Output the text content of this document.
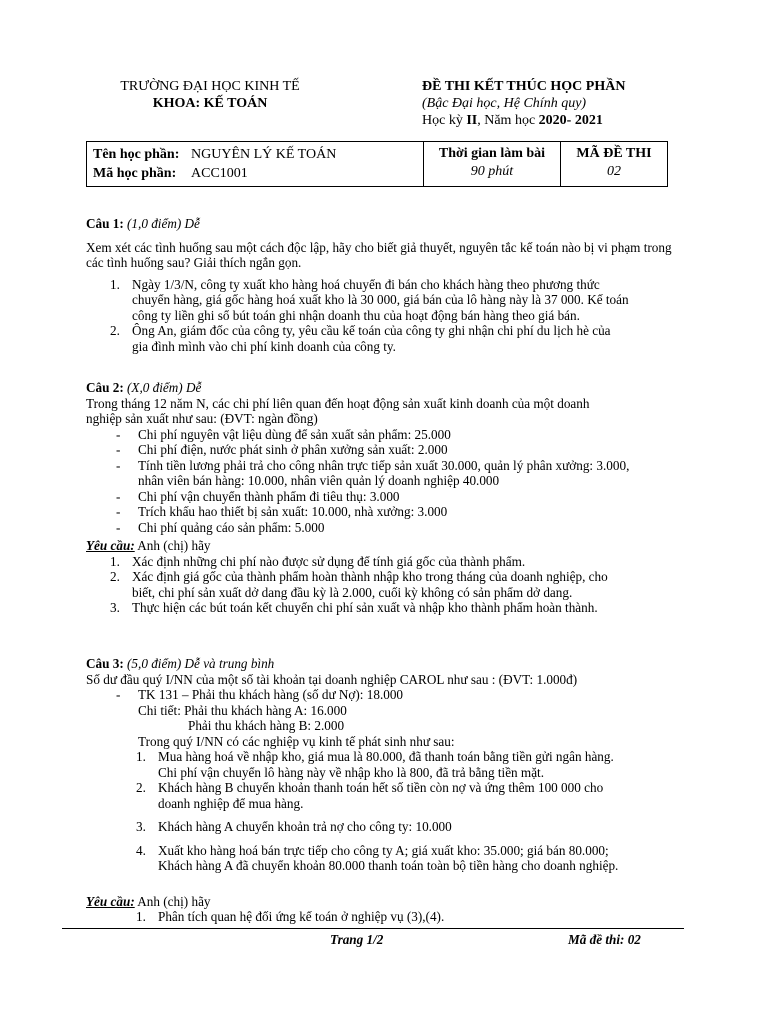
TRƯỜNG ĐẠI HỌC KINH TẾ
KHOA: KẾ TOÁN
ĐỀ THI KẾT THÚC HỌC PHẦN
(Bậc Đại học, Hệ Chính quy)
Học kỳ II, Năm học 2020- 2021
Tên học phần: NGUYÊN LÝ KẾ TOÁN
Mã học phần: ACC1001

Thời gian làm bài
90 phút

MÃ ĐỀ THI
02
Câu 1: (1,0 điểm) Dễ
Xem xét các tình huống sau một cách độc lập, hãy cho biết giả thuyết, nguyên tắc kế toán nào bị vi phạm trong các tình huống sau? Giải thích ngắn gọn.
1. Ngày 1/3/N, công ty xuất kho hàng hoá chuyển đi bán cho khách hàng theo phương thức
chuyển hàng, giá gốc hàng hoá xuất kho là 30 000, giá bán của lô hàng này là 37 000. Kế toán
công ty liền ghi sổ bút toán ghi nhận doanh thu của hoạt động bán hàng theo giá bán.
2. Ông An, giám đốc của công ty, yêu cầu kế toán của công ty ghi nhận chi phí du lịch hè của
gia đình mình vào chi phí kinh doanh của công ty.
Câu 2: (X,0 điểm) Dễ
Trong tháng 12 năm N, các chi phí liên quan đến hoạt động sản xuất kinh doanh của một doanh
nghiệp sản xuất như sau: (ĐVT: ngàn đồng)
- Chi phí nguyên vật liệu dùng để sản xuất sản phẩm: 25.000
- Chi phí điện, nước phát sinh ở phân xưởng sản xuất: 2.000
- Tính tiền lương phải trả cho công nhân trực tiếp sản xuất 30.000, quản lý phân xưởng: 3.000,
nhân viên bán hàng: 10.000, nhân viên quản lý doanh nghiệp 40.000
- Chi phí vận chuyển thành phẩm đi tiêu thụ: 3.000
- Trích khấu hao thiết bị sản xuất: 10.000, nhà xưởng: 3.000
- Chi phí quảng cáo sản phẩm: 5.000
Yêu cầu: Anh (chị) hãy
1. Xác định những chi phí nào được sử dụng để tính giá gốc của thành phẩm.
2. Xác định giá gốc của thành phẩm hoàn thành nhập kho trong tháng của doanh nghiệp, cho
biết, chi phí sản xuất dở dang đầu kỳ là 2.000, cuối kỳ không có sản phẩm dở dang.
3. Thực hiện các bút toán kết chuyển chi phí sản xuất và nhập kho thành phẩm hoàn thành.
Câu 3: (5,0 điểm) Dễ và trung bình
Số dư đầu quý I/NN của một số tài khoản tại doanh nghiệp CAROL như sau : (ĐVT: 1.000đ)
- TK 131 – Phải thu khách hàng (số dư Nợ): 18.000
Chi tiết: Phải thu khách hàng A: 16.000
Phải thu khách hàng B: 2.000
Trong quý I/NN có các nghiệp vụ kinh tế phát sinh như sau:
1. Mua hàng hoá về nhập kho, giá mua là 80.000, đã thanh toán bằng tiền gửi ngân hàng.
Chi phí vận chuyển lô hàng này về nhập kho là 800, đã trả bằng tiền mặt.
2. Khách hàng B chuyển khoản thanh toán hết số tiền còn nợ và ứng thêm 100 000 cho
doanh nghiệp để mua hàng.
3. Khách hàng A chuyển khoản trả nợ cho công ty: 10.000
4. Xuất kho hàng hoá bán trực tiếp cho công ty A; giá xuất kho: 35.000; giá bán 80.000;
Khách hàng A đã chuyển khoản 80.000 thanh toán toàn bộ tiền hàng cho doanh nghiệp.
Yêu cầu: Anh (chị) hãy
1. Phân tích quan hệ đối ứng kế toán ở nghiệp vụ (3),(4).
Trang 1/2	Mã đề thi: 02
